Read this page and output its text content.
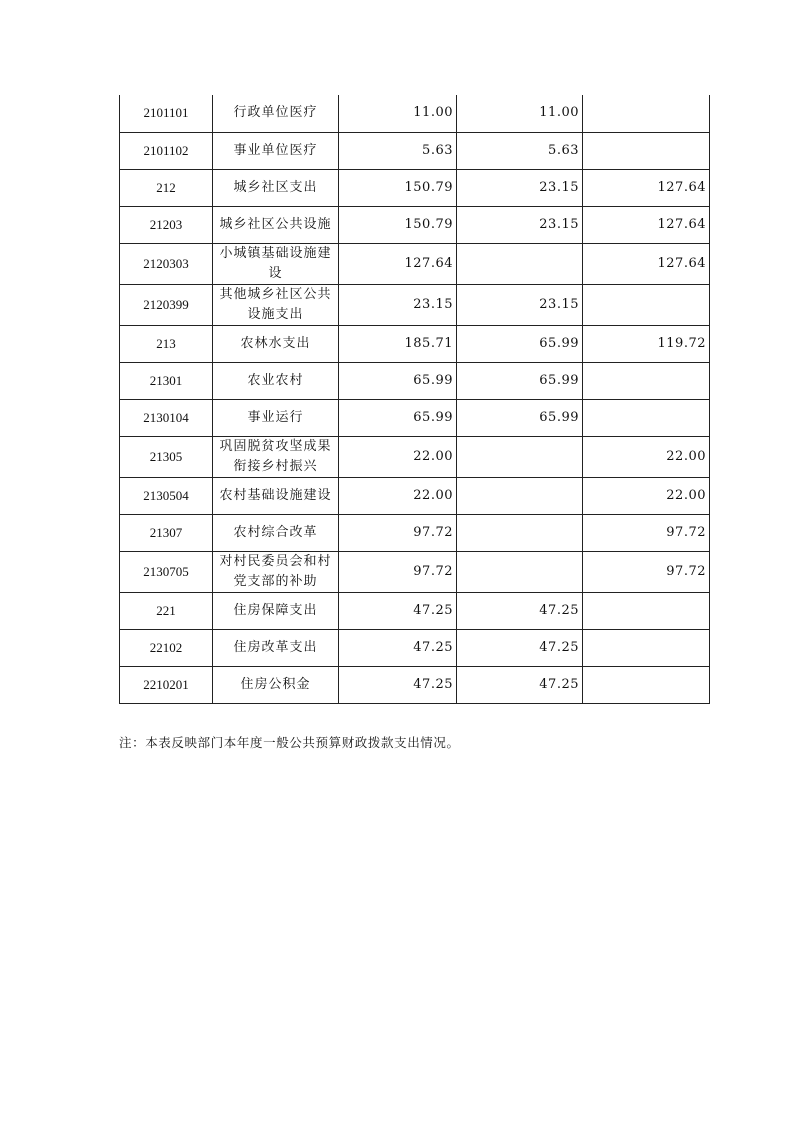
2101101	行政单位医疗	11.00	11.00	
2101102	事业单位医疗	5.63	5.63	
212	城乡社区支出	150.79	23.15	127.64
21203	城乡社区公共设施	150.79	23.15	127.64
2120303	小城镇基础设施建设	127.64		127.64
2120399	其他城乡社区公共设施支出	23.15	23.15	
213	农林水支出	185.71	65.99	119.72
21301	农业农村	65.99	65.99	
2130104	事业运行	65.99	65.99	
21305	巩固脱贫攻坚成果衔接乡村振兴	22.00		22.00
2130504	农村基础设施建设	22.00		22.00
21307	农村综合改革	97.72		97.72
2130705	对村民委员会和村党支部的补助	97.72		97.72
221	住房保障支出	47.25	47.25	
22102	住房改革支出	47.25	47.25	
2210201	住房公积金	47.25	47.25	
注：本表反映部门本年度一般公共预算财政拨款支出情况。
